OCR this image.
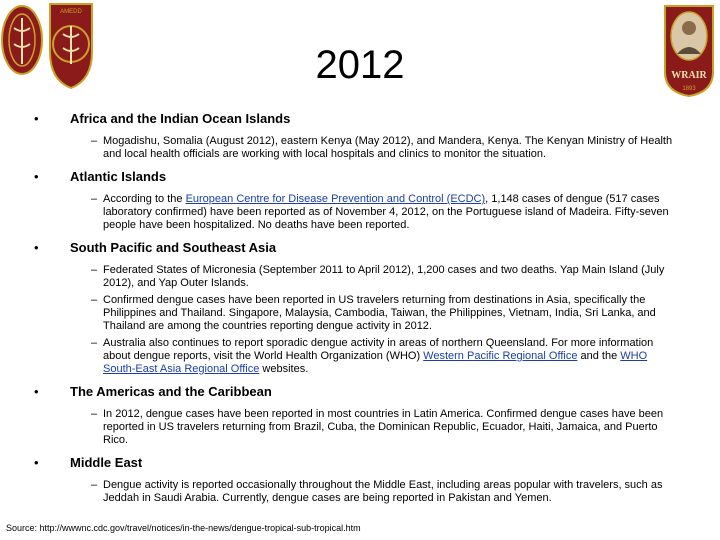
AMEDD
WRAIR
1893
2012
•	Africa and the Indian Ocean Islands
– Mogadishu, Somalia (August 2012), eastern Kenya (May 2012), and Mandera, Kenya. The Kenyan Ministry of Health and local health officials are working with local hospitals and clinics to monitor the situation.
•	Atlantic Islands
– According to the European Centre for Disease Prevention and Control (ECDC), 1,148 cases of dengue (517 cases laboratory confirmed) have been reported as of November 4, 2012, on the Portuguese island of Madeira. Fifty-seven people have been hospitalized. No deaths have been reported.
•	South Pacific and Southeast Asia
– Federated States of Micronesia (September 2011 to April 2012), 1,200 cases and two deaths. Yap Main Island (July 2012), and Yap Outer Islands.
– Confirmed dengue cases have been reported in US travelers returning from destinations in Asia, specifically the Philippines and Thailand. Singapore, Malaysia, Cambodia, Taiwan, the Philippines, Vietnam, India, Sri Lanka, and Thailand are among the countries reporting dengue activity in 2012.
– Australia also continues to report sporadic dengue activity in areas of northern Queensland. For more information about dengue reports, visit the World Health Organization (WHO) Western Pacific Regional Office and the WHO South-East Asia Regional Office websites.
•	The Americas and the Caribbean
– In 2012, dengue cases have been reported in most countries in Latin America. Confirmed dengue cases have been reported in US travelers returning from Brazil, Cuba, the Dominican Republic, Ecuador, Haiti, Jamaica, and Puerto Rico.
•	Middle East
– Dengue activity is reported occasionally throughout the Middle East, including areas popular with travelers, such as Jeddah in Saudi Arabia. Currently, dengue cases are being reported in Pakistan and Yemen.
Source: http://wwwnc.cdc.gov/travel/notices/in-the-news/dengue-tropical-sub-tropical.htm
